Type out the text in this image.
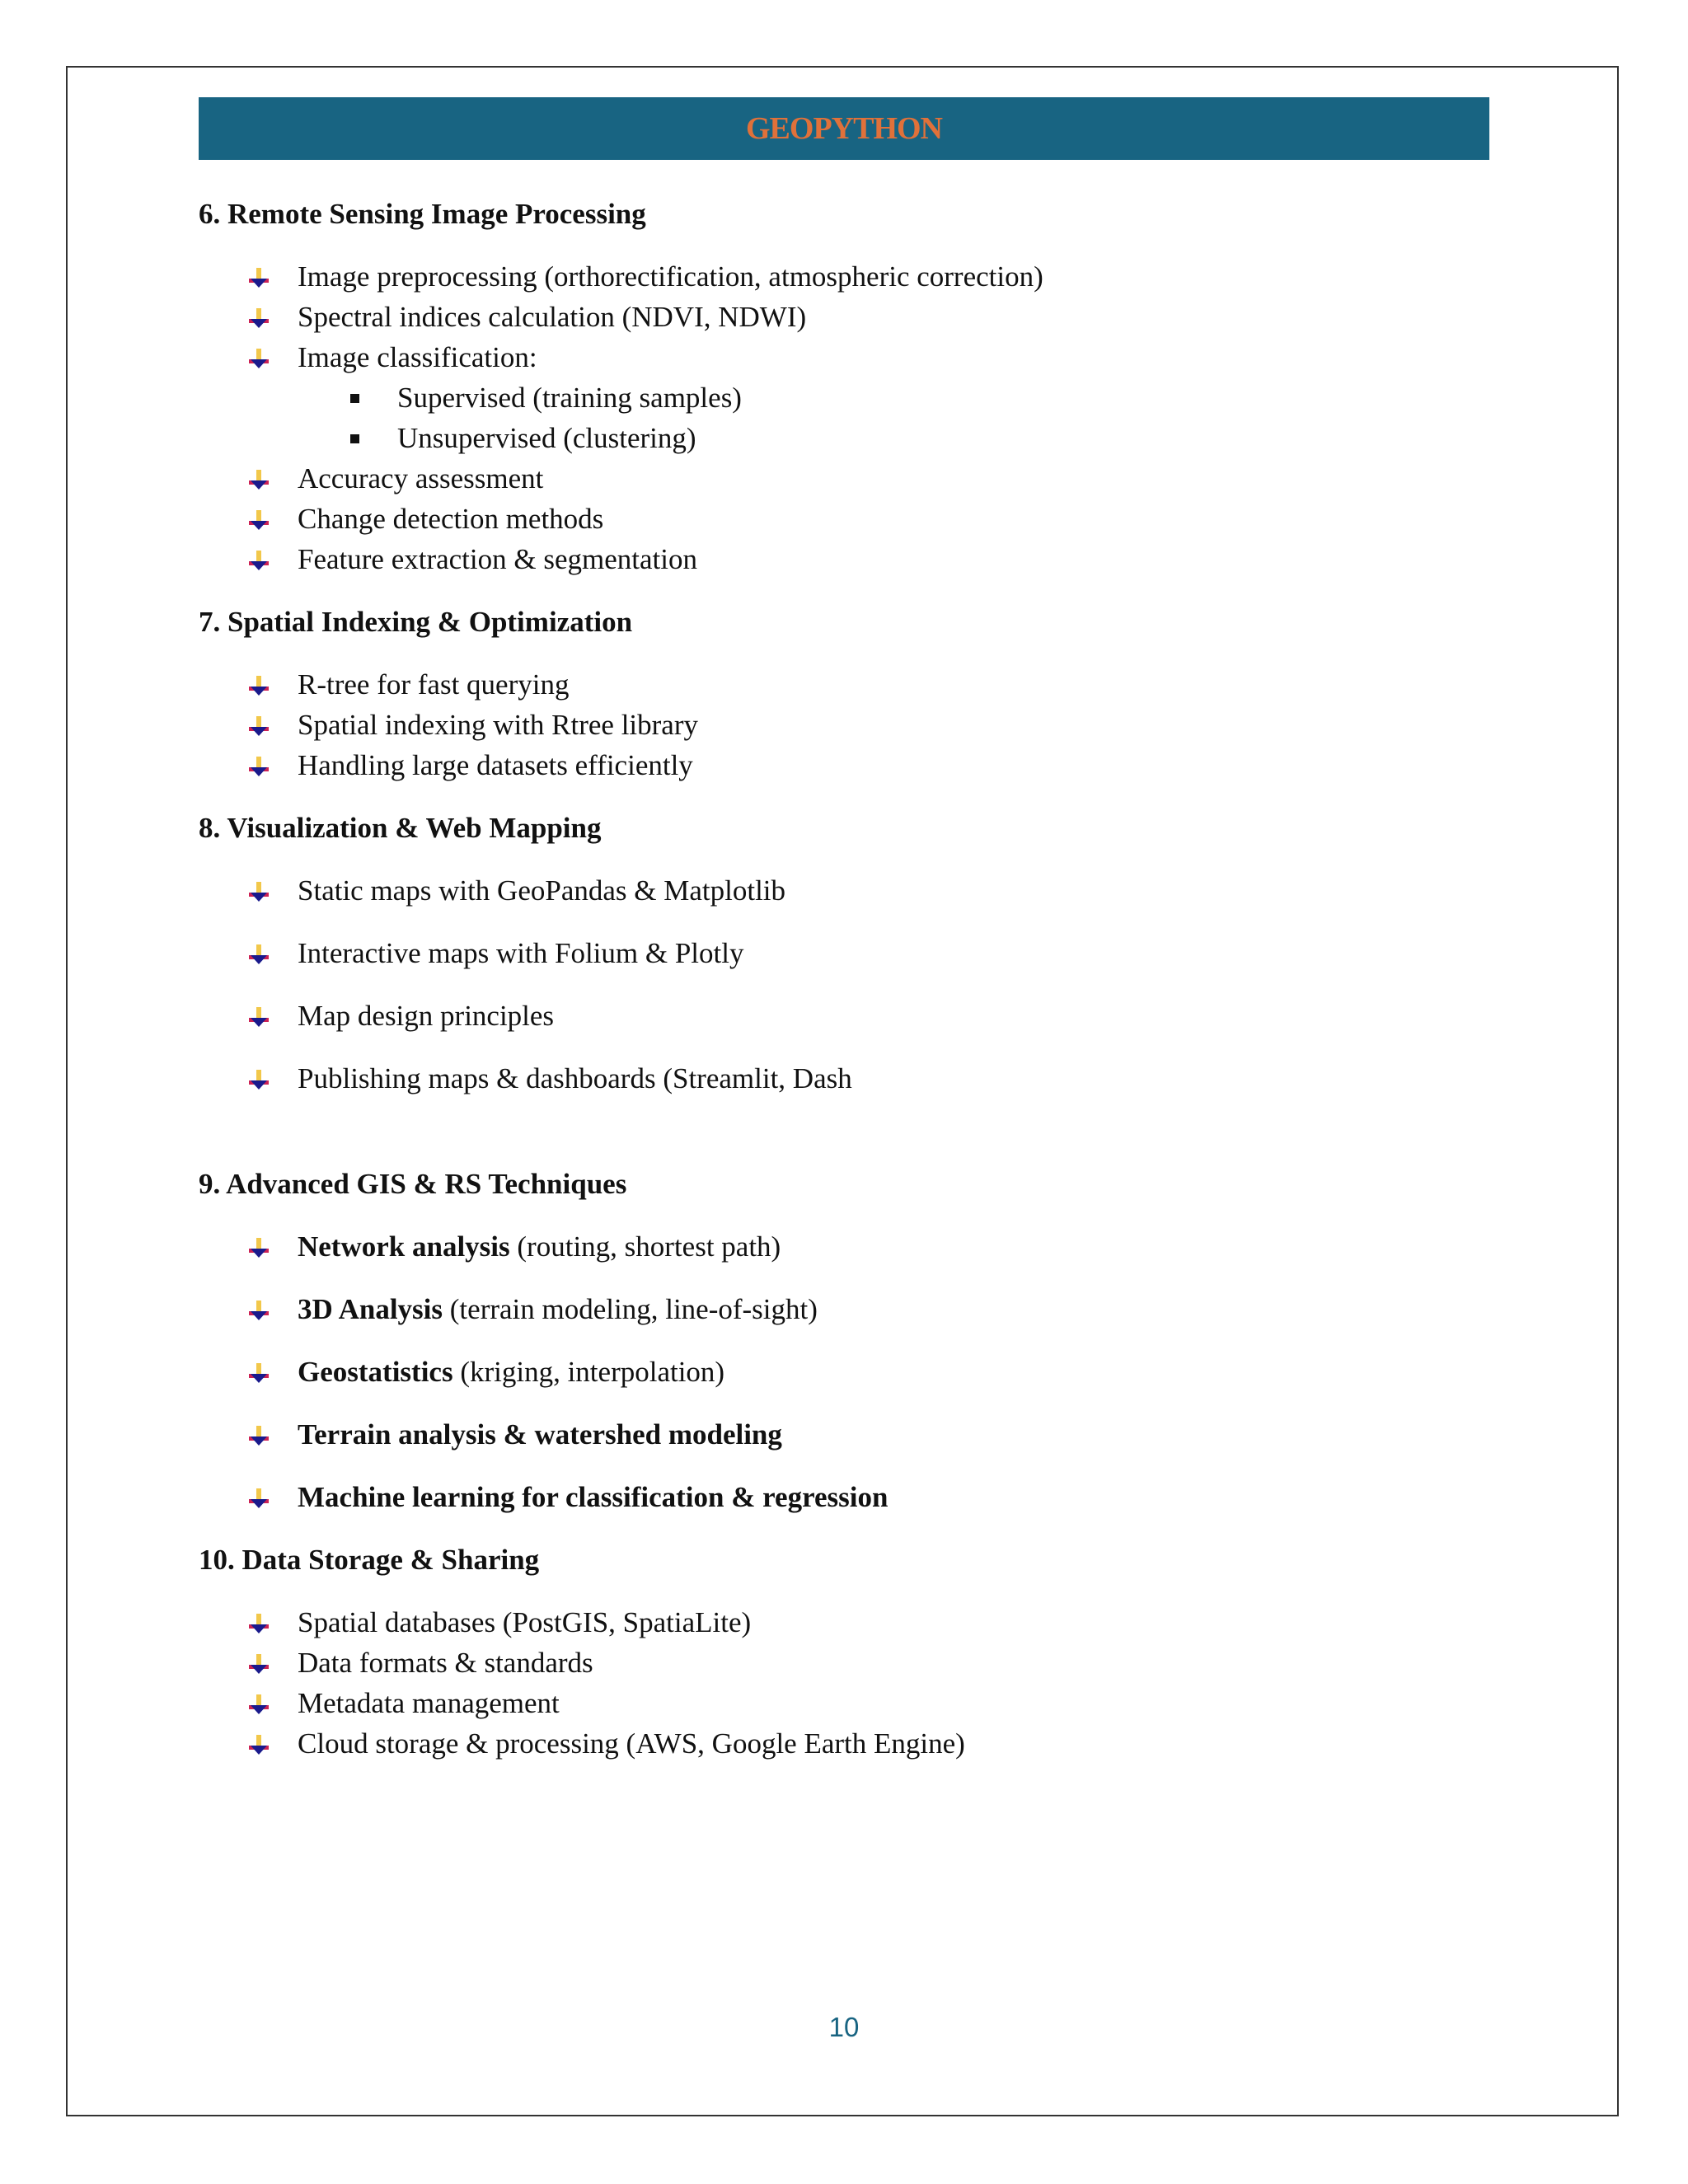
GEOPYTHON
6. Remote Sensing Image Processing
Image preprocessing (orthorectification, atmospheric correction)
Spectral indices calculation (NDVI, NDWI)
Image classification:
Supervised (training samples)
Unsupervised (clustering)
Accuracy assessment
Change detection methods
Feature extraction & segmentation
7. Spatial Indexing & Optimization
R-tree for fast querying
Spatial indexing with Rtree library
Handling large datasets efficiently
8. Visualization & Web Mapping
Static maps with GeoPandas & Matplotlib
Interactive maps with Folium & Plotly
Map design principles
Publishing maps & dashboards (Streamlit, Dash
9. Advanced GIS & RS Techniques
Network analysis (routing, shortest path)
3D Analysis (terrain modeling, line-of-sight)
Geostatistics (kriging, interpolation)
Terrain analysis & watershed modeling
Machine learning for classification & regression
10. Data Storage & Sharing
Spatial databases (PostGIS, SpatiaLite)
Data formats & standards
Metadata management
Cloud storage & processing (AWS, Google Earth Engine)
10
